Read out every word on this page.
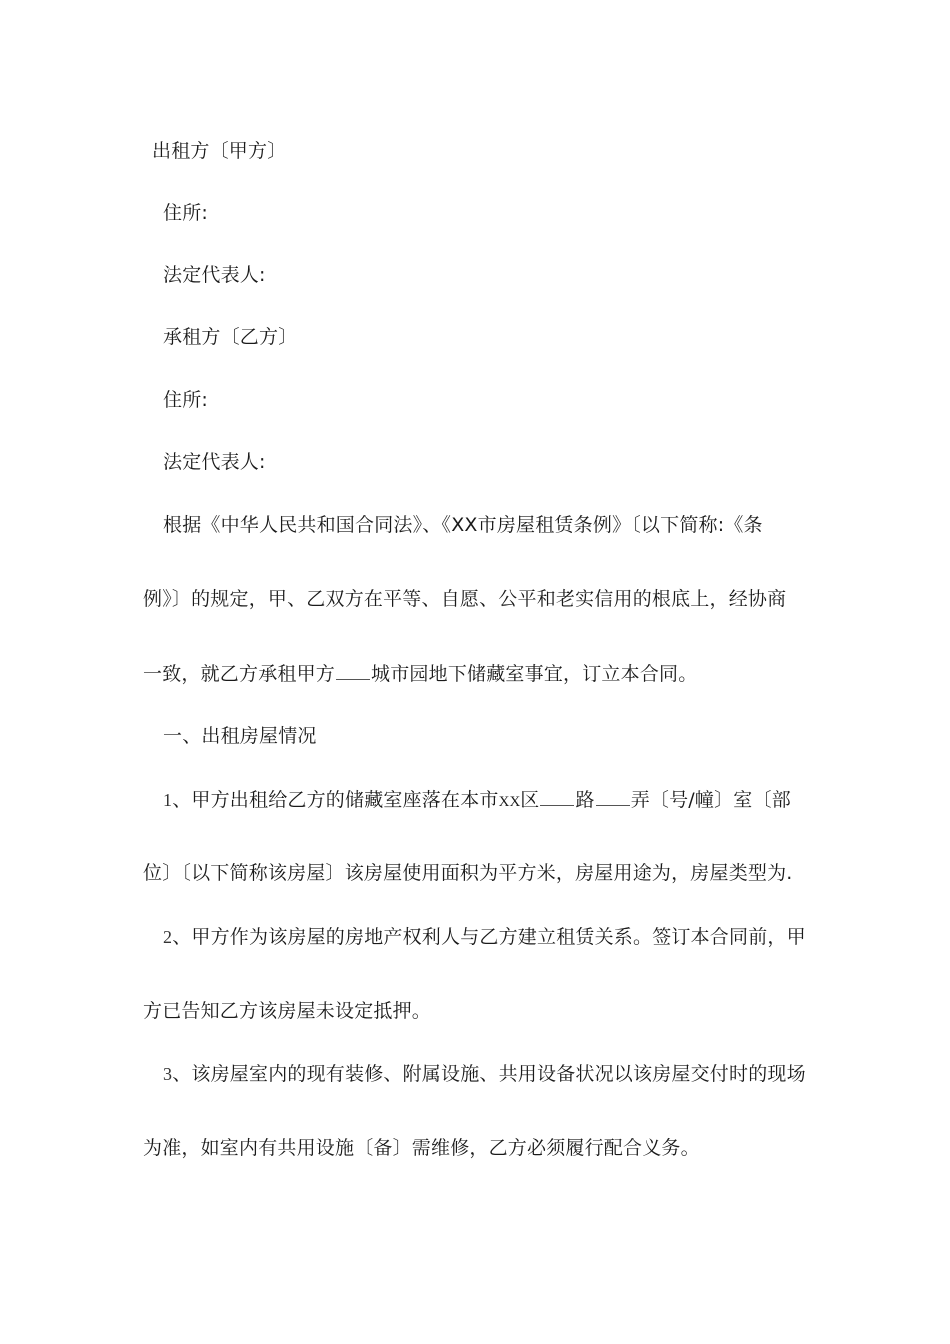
出租方〔甲方〕
住所:
法定代表人:
承租方〔乙方〕
住所:
法定代表人:
根据《中华人民共和国合同法》、《XX市房屋租赁条例》〔以下简称:《条
例》〕的规定，甲、乙双方在平等、自愿、公平和老实信用的根底上，经协商
一致，就乙方承租甲方 城市园地下储藏室事宜，订立本合同。
一、出租房屋情况
1、甲方出租给乙方的储藏室座落在本市XX区 路 弄〔号/幢〕室〔部
位〕〔以下简称该房屋〕该房屋使用面积为平方米，房屋用途为，房屋类型为.
2、甲方作为该房屋的房地产权利人与乙方建立租赁关系。签订本合同前，甲
方已告知乙方该房屋未设定抵押。
3、该房屋室内的现有装修、附属设施、共用设备状况以该房屋交付时的现场
为准，如室内有共用设施〔备〕需维修，乙方必须履行配合义务。
